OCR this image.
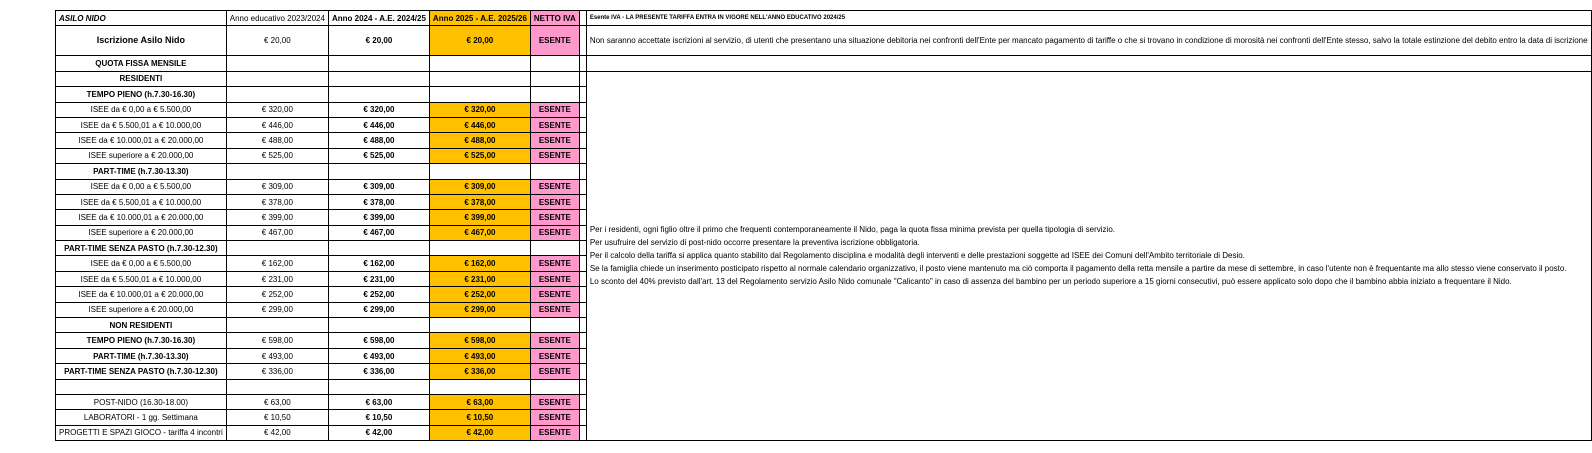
ASILO NIDO	Anno educativo 2023/2024	Anno 2024 - A.E. 2024/25	Anno 2025 - A.E. 2025/26	NETTO IVA		Esente IVA - LA PRESENTE TARIFFA ENTRA IN VIGORE NELL'ANNO EDUCATIVO 2024/25
Iscrizione Asilo Nido	€ 20,00	€ 20,00	€ 20,00	ESENTE		Non saranno accettate iscrizioni al servizio, di utenti che presentano una situazione debitoria nei confronti dell'Ente per mancato pagamento di tariffe o che si trovano in condizione di morosità nei confronti dell'Ente stesso, salvo la totale estinzione del debito entro la data di iscrizione
QUOTA FISSA MENSILE						
RESIDENTI						Per i residenti, ogni figlio oltre il primo che frequenti contemporaneamente il Nido, paga la quota fissa minima prevista per quella tipologia di servizio.

Per usufruire del servizio di post-nido occorre presentare la preventiva iscrizione obbligatoria.

Per il calcolo della tariffa si applica quanto stabilito dal Regolamento disciplina e modalità degli interventi e delle prestazioni soggette ad ISEE dei Comuni dell'Ambito territoriale di Desio.

Se la famiglia chiede un inserimento posticipato rispetto al normale calendario organizzativo, il posto viene mantenuto ma ciò comporta il pagamento della retta mensile a partire da mese di settembre, in caso l'utente non è frequentante ma allo stesso viene conservato il posto.

Lo sconto del 40% previsto dall'art. 13 del Regolamento servizio Asilo Nido comunale "Calicanto" in caso di assenza del bambino per un periodo superiore a 15 giorni consecutivi, può essere applicato solo dopo che il bambino abbia iniziato a frequentare il Nido.

TEMPO PIENO (h.7.30-16.30)						
ISEE da € 0,00 a € 5.500,00	€ 320,00	€ 320,00	€ 320,00	ESENTE		
ISEE da € 5.500,01 a € 10.000,00	€ 446,00	€ 446,00	€ 446,00	ESENTE		
ISEE da € 10.000,01 a € 20.000,00	€ 488,00	€ 488,00	€ 488,00	ESENTE		
ISEE superiore a € 20.000,00	€ 525,00	€ 525,00	€ 525,00	ESENTE		
PART-TIME (h.7.30-13.30)						
ISEE da € 0,00 a € 5.500,00	€ 309,00	€ 309,00	€ 309,00	ESENTE		
ISEE da € 5.500,01 a € 10.000,00	€ 378,00	€ 378,00	€ 378,00	ESENTE		
ISEE da € 10.000,01 a € 20.000,00	€ 399,00	€ 399,00	€ 399,00	ESENTE		
ISEE superiore a € 20.000,00	€ 467,00	€ 467,00	€ 467,00	ESENTE		
PART-TIME SENZA PASTO (h.7.30-12.30)						
ISEE da € 0,00 a € 5.500,00	€ 162,00	€ 162,00	€ 162,00	ESENTE		
ISEE da € 5.500,01 a € 10.000,00	€ 231,00	€ 231,00	€ 231,00	ESENTE		
ISEE da € 10.000,01 a € 20.000,00	€ 252,00	€ 252,00	€ 252,00	ESENTE		
ISEE superiore a € 20.000,00	€ 299,00	€ 299,00	€ 299,00	ESENTE		
NON RESIDENTI						
TEMPO PIENO (h.7.30-16.30)	€ 598,00	€ 598,00	€ 598,00	ESENTE		
PART-TIME (h.7.30-13.30)	€ 493,00	€ 493,00	€ 493,00	ESENTE		
PART-TIME SENZA PASTO (h.7.30-12.30)	€ 336,00	€ 336,00	€ 336,00	ESENTE		

POST-NIDO (16.30-18.00)	€ 63,00	€ 63,00	€ 63,00	ESENTE		
LABORATORI - 1 gg. Settimana	€ 10,50	€ 10,50	€ 10,50	ESENTE		
PROGETTI E SPAZI GIOCO - tariffa 4 incontri	€ 42,00	€ 42,00	€ 42,00	ESENTE		
